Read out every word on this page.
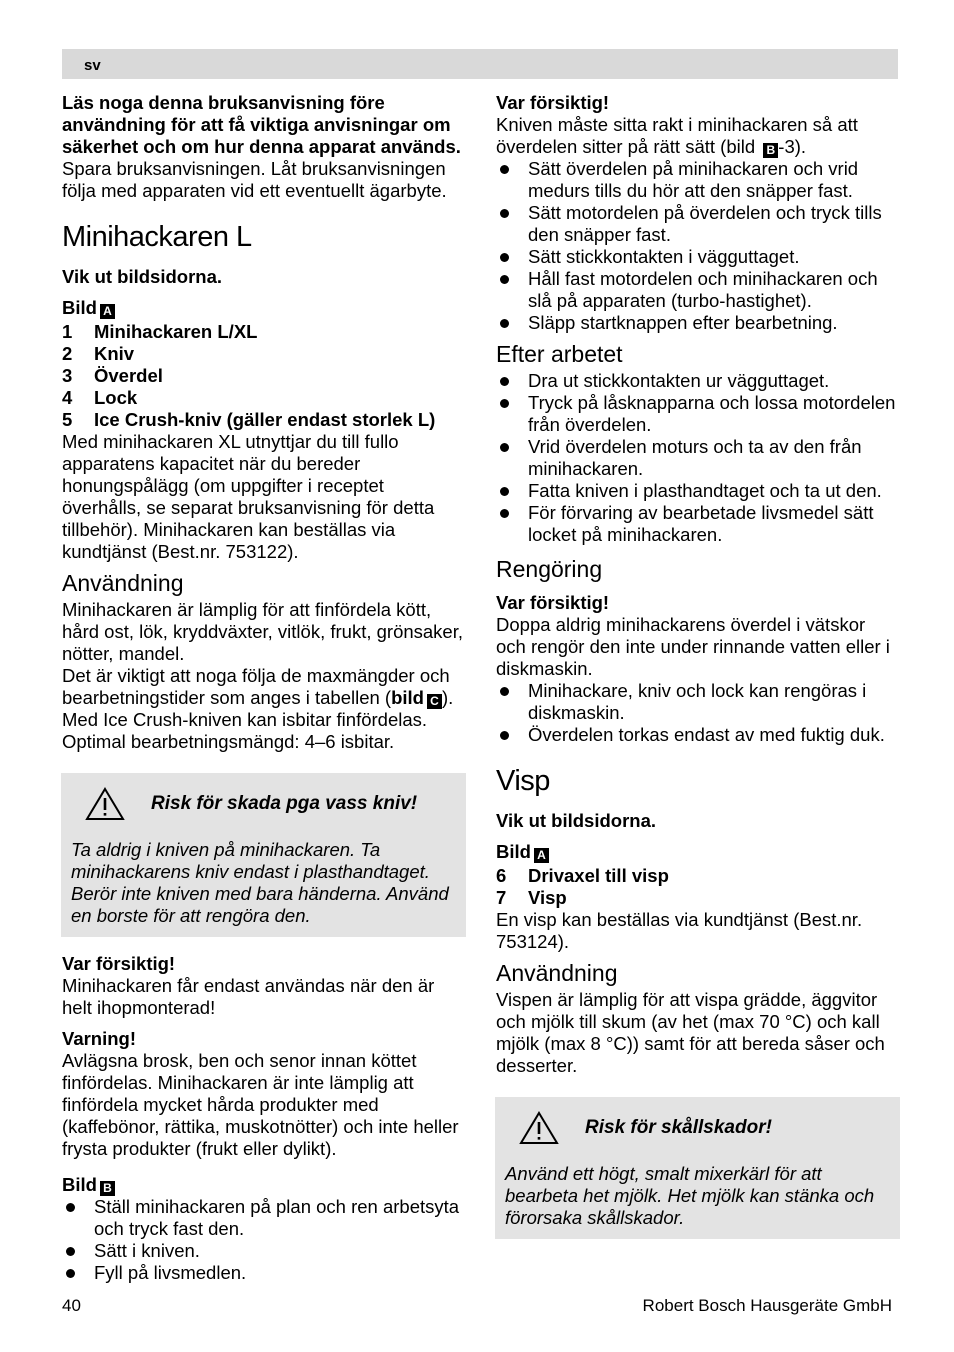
sv

Läs noga denna bruksanvisning före användning för att få viktiga anvisningar om säkerhet och om hur denna apparat används.

Spara bruksanvisningen. Låt bruksanvisningen följa med apparaten vid ett eventuellt ägarbyte.

Minihackaren L

Vik ut bildsidorna.

Bild A

1	Minihackaren L/XL
2	Kniv
3	Överdel
4	Lock
5	Ice Crush-kniv (gäller endast storlek L)

Med minihackaren XL utnyttjar du till fullo apparatens kapacitet när du bereder honungspålägg (om uppgifter i receptet överhålls, se separat bruksanvisning för detta tillbehör). Minihackaren kan beställas via kundtjänst (Best.nr. 753122).

Användning

Minihackaren är lämplig för att finfördela kött, hård ost, lök, kryddväxter, vitlök, frukt, grönsaker, nötter, mandel.

Det är viktigt att noga följa de maxmängder och bearbetningstider som anges i tabellen (bild C ).

Med Ice Crush-kniven kan isbitar finfördelas. Optimal bearbetningsmängd: 4–6 isbitar.

Risk för skada pga vass kniv!

Ta aldrig i kniven på minihackaren. Ta minihackarens kniv endast i plasthandtaget. Berör inte kniven med bara händerna. Använd en borste för att rengöra den.

Var försiktig!

Minihackaren får endast användas när den är helt ihopmonterad!

Varning!

Avlägsna brosk, ben och senor innan köttet finfördelas. Minihackaren är inte lämplig att finfördela mycket hårda produkter med (kaffebönor, rättika, muskotnötter) och inte heller frysta produkter (frukt eller dylikt).

Bild B

Ställ minihackaren på plan och ren arbetsyta och tryck fast den.
Sätt i kniven.
Fyll på livsmedlen.

Var försiktig!

Kniven måste sitta rakt i minihackaren så att överdelen sitter på rätt sätt (bild B -3).

Sätt överdelen på minihackaren och vrid medurs tills du hör att den snäpper fast.
Sätt motordelen på överdelen och tryck tills den snäpper fast.
Sätt stickkontakten i vägguttaget.
Håll fast motordelen och minihackaren och slå på apparaten (turbo-hastighet).
Släpp startknappen efter bearbetning.
Efter arbetet
Dra ut stickkontakten ur vägguttaget.
Tryck på låsknapparna och lossa motordelen från överdelen.
Vrid överdelen moturs och ta av den från minihackaren.
Fatta kniven i plasthandtaget och ta ut den.
För förvaring av bearbetade livsmedel sätt locket på minihackaren.
Rengöring

Var försiktig!

Doppa aldrig minihackarens överdel i vätskor och rengör den inte under rinnande vatten eller i diskmaskin.

Minihackare, kniv och lock kan rengöras i diskmaskin.
Överdelen torkas endast av med fuktig duk.
Visp

Vik ut bildsidorna.

Bild A

6	Drivaxel till visp
7	Visp

En visp kan beställas via kundtjänst (Best.nr. 753124).

Användning

Vispen är lämplig för att vispa grädde, äggvitor och mjölk till skum (av het (max 70 °C) och kall mjölk (max 8 °C)) samt för att bereda såser och desserter.

Risk för skållskador!

Använd ett högt, smalt mixerkärl för att bearbeta het mjölk. Het mjölk kan stänka och förorsaka skållskador.

40	Robert Bosch Hausgeräte GmbH
